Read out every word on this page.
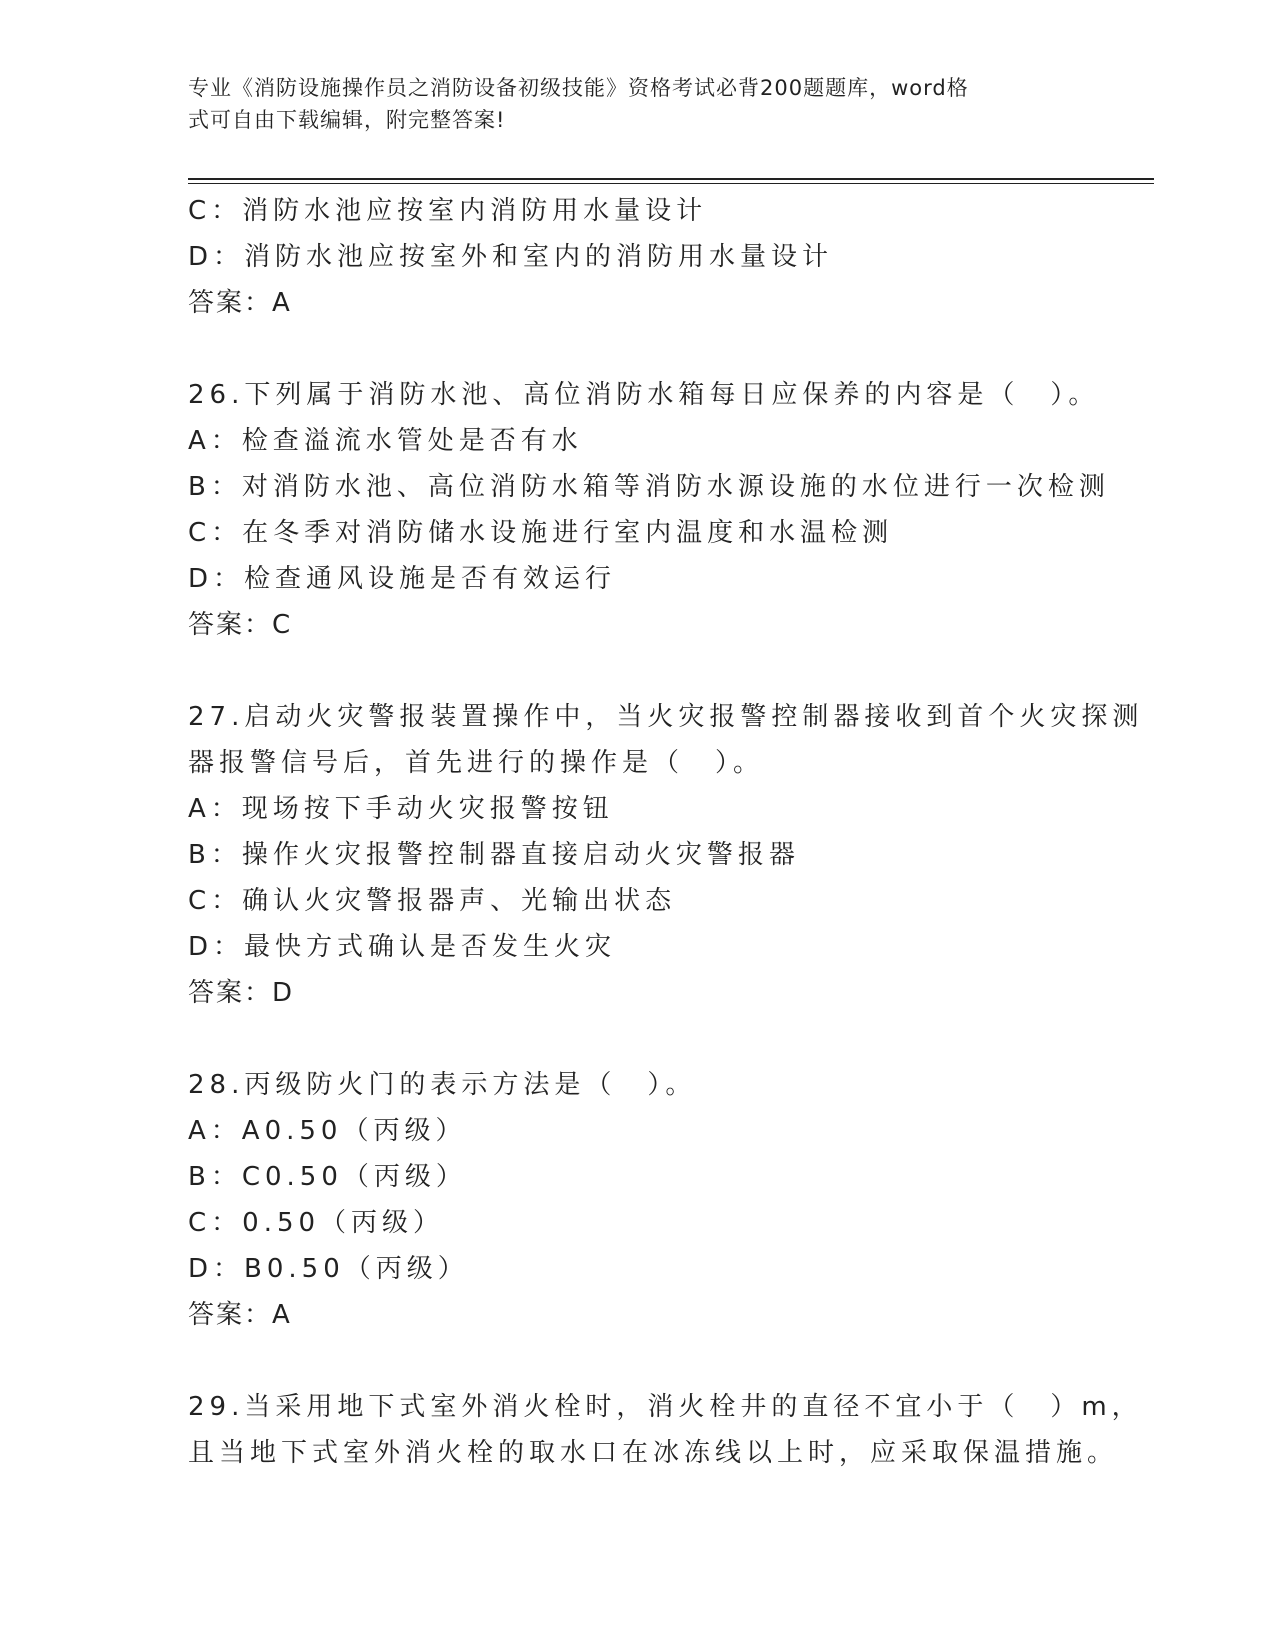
专业《消防设施操作员之消防设备初级技能》资格考试必背200题题库，word格
式可自由下载编辑，附完整答案!
C：消防水池应按室内消防用水量设计
D：消防水池应按室外和室内的消防用水量设计
答案：A
26.下列属于消防水池、高位消防水箱每日应保养的内容是（　）。
A：检查溢流水管处是否有水
B：对消防水池、高位消防水箱等消防水源设施的水位进行一次检测
C：在冬季对消防储水设施进行室内温度和水温检测
D：检查通风设施是否有效运行
答案：C
27.启动火灾警报装置操作中，当火灾报警控制器接收到首个火灾探测
器报警信号后，首先进行的操作是（　）。
A：现场按下手动火灾报警按钮
B：操作火灾报警控制器直接启动火灾警报器
C：确认火灾警报器声、光输出状态
D：最快方式确认是否发生火灾
答案：D
28.丙级防火门的表示方法是（　）。
A：A0.50（丙级）
B：C0.50（丙级）
C：0.50（丙级）
D：B0.50（丙级）
答案：A
29.当采用地下式室外消火栓时，消火栓井的直径不宜小于（　）m，
且当地下式室外消火栓的取水口在冰冻线以上时，应采取保温措施。
